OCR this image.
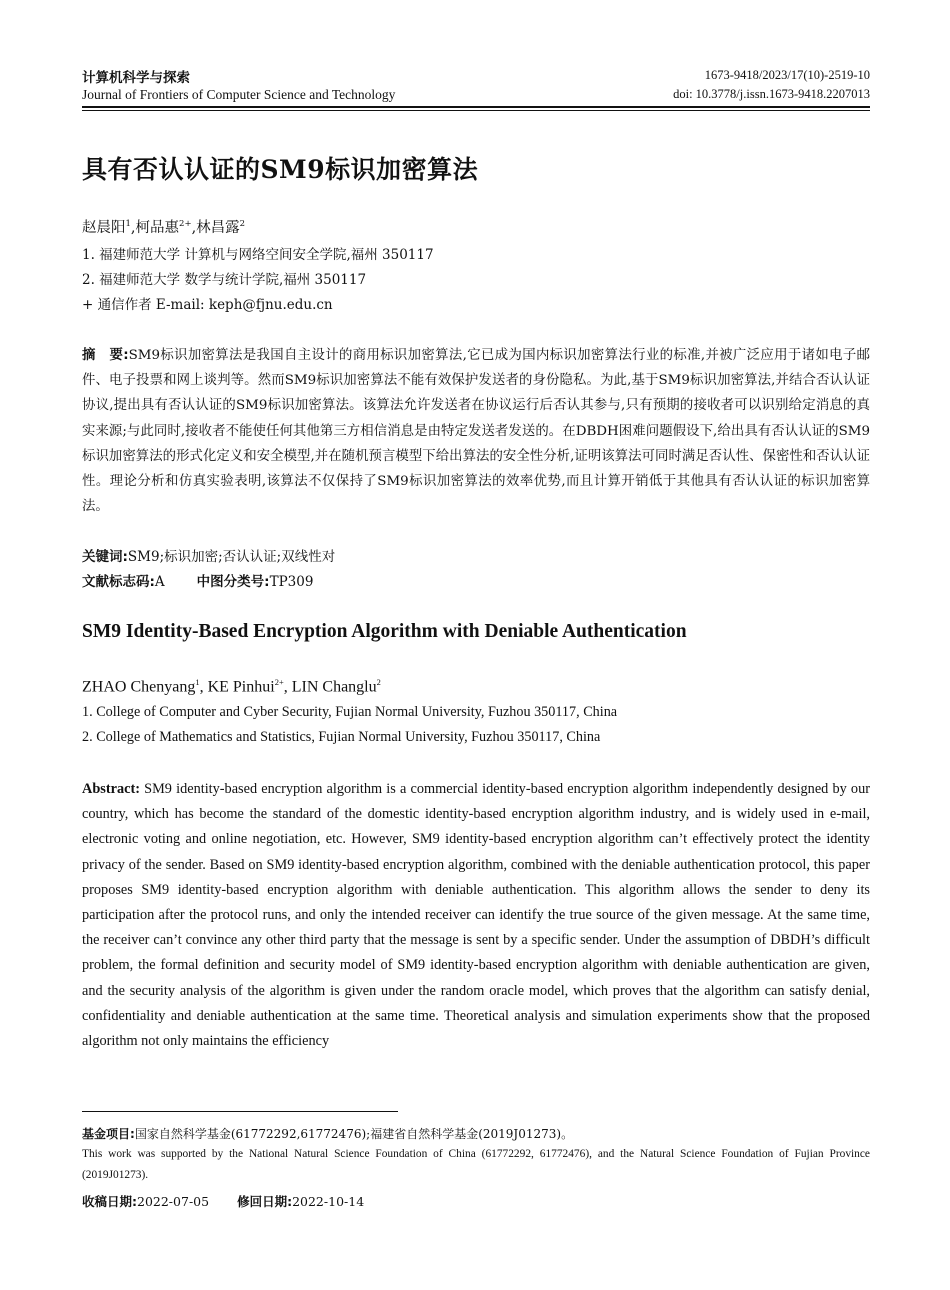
计算机科学与探索
Journal of Frontiers of Computer Science and Technology
1673-9418/2023/17(10)-2519-10
doi: 10.3778/j.issn.1673-9418.2207013
具有否认认证的SM9标识加密算法
赵晨阳$^1$,柯品惠$^{2+}$,林昌露$^2$
1. 福建师范大学 计算机与网络空间安全学院,福州 350117
2. 福建师范大学 数学与统计学院,福州 350117
+ 通信作者 E-mail: keph@fjnu.edu.cn
摘　要:SM9标识加密算法是我国自主设计的商用标识加密算法,它已成为国内标识加密算法行业的标准,并被广泛应用于诸如电子邮件、电子投票和网上谈判等。然而SM9标识加密算法不能有效保护发送者的身份隐私。为此,基于SM9标识加密算法,并结合否认认证协议,提出具有否认认证的SM9标识加密算法。该算法允许发送者在协议运行后否认其参与,只有预期的接收者可以识别给定消息的真实来源;与此同时,接收者不能使任何其他第三方相信消息是由特定发送者发送的。在DBDH困难问题假设下,给出具有否认认证的SM9标识加密算法的形式化定义和安全模型,并在随机预言模型下给出算法的安全性分析,证明该算法可同时满足否认性、保密性和否认认证性。理论分析和仿真实验表明,该算法不仅保持了SM9标识加密算法的效率优势,而且计算开销低于其他具有否认认证的标识加密算法。
关键词:SM9;标识加密;否认认证;双线性对
文献标志码:A 中图分类号:TP309
SM9 Identity-Based Encryption Algorithm with Deniable Authentication
ZHAO Chenyang$^1$, KE Pinhui$^{2+}$, LIN Changlu$^2$
1. College of Computer and Cyber Security, Fujian Normal University, Fuzhou 350117, China
2. College of Mathematics and Statistics, Fujian Normal University, Fuzhou 350117, China
Abstract: SM9 identity-based encryption algorithm is a commercial identity-based encryption algorithm independently designed by our country, which has become the standard of the domestic identity-based encryption algorithm industry, and is widely used in e-mail, electronic voting and online negotiation, etc. However, SM9 identity-based encryption algorithm can’t effectively protect the identity privacy of the sender. Based on SM9 identity-based encryption algorithm, combined with the deniable authentication protocol, this paper proposes SM9 identity-based encryption algorithm with deniable authentication. This algorithm allows the sender to deny its participation after the protocol runs, and only the intended receiver can identify the true source of the given message. At the same time, the receiver can’t convince any other third party that the message is sent by a specific sender. Under the assumption of DBDH’s difficult problem, the formal definition and security model of SM9 identity-based encryption algorithm with deniable authentication are given, and the security analysis of the algorithm is given under the random oracle model, which proves that the algorithm can satisfy denial, confidentiality and deniable authentication at the same time. Theoretical analysis and simulation experiments show that the proposed algorithm not only maintains the efficiency
基金项目:国家自然科学基金(61772292,61772476);福建省自然科学基金(2019J01273)。
This work was supported by the National Natural Science Foundation of China (61772292, 61772476), and the Natural Science Foundation of Fujian Province (2019J01273).
收稿日期:2022-07-05 修回日期:2022-10-14
